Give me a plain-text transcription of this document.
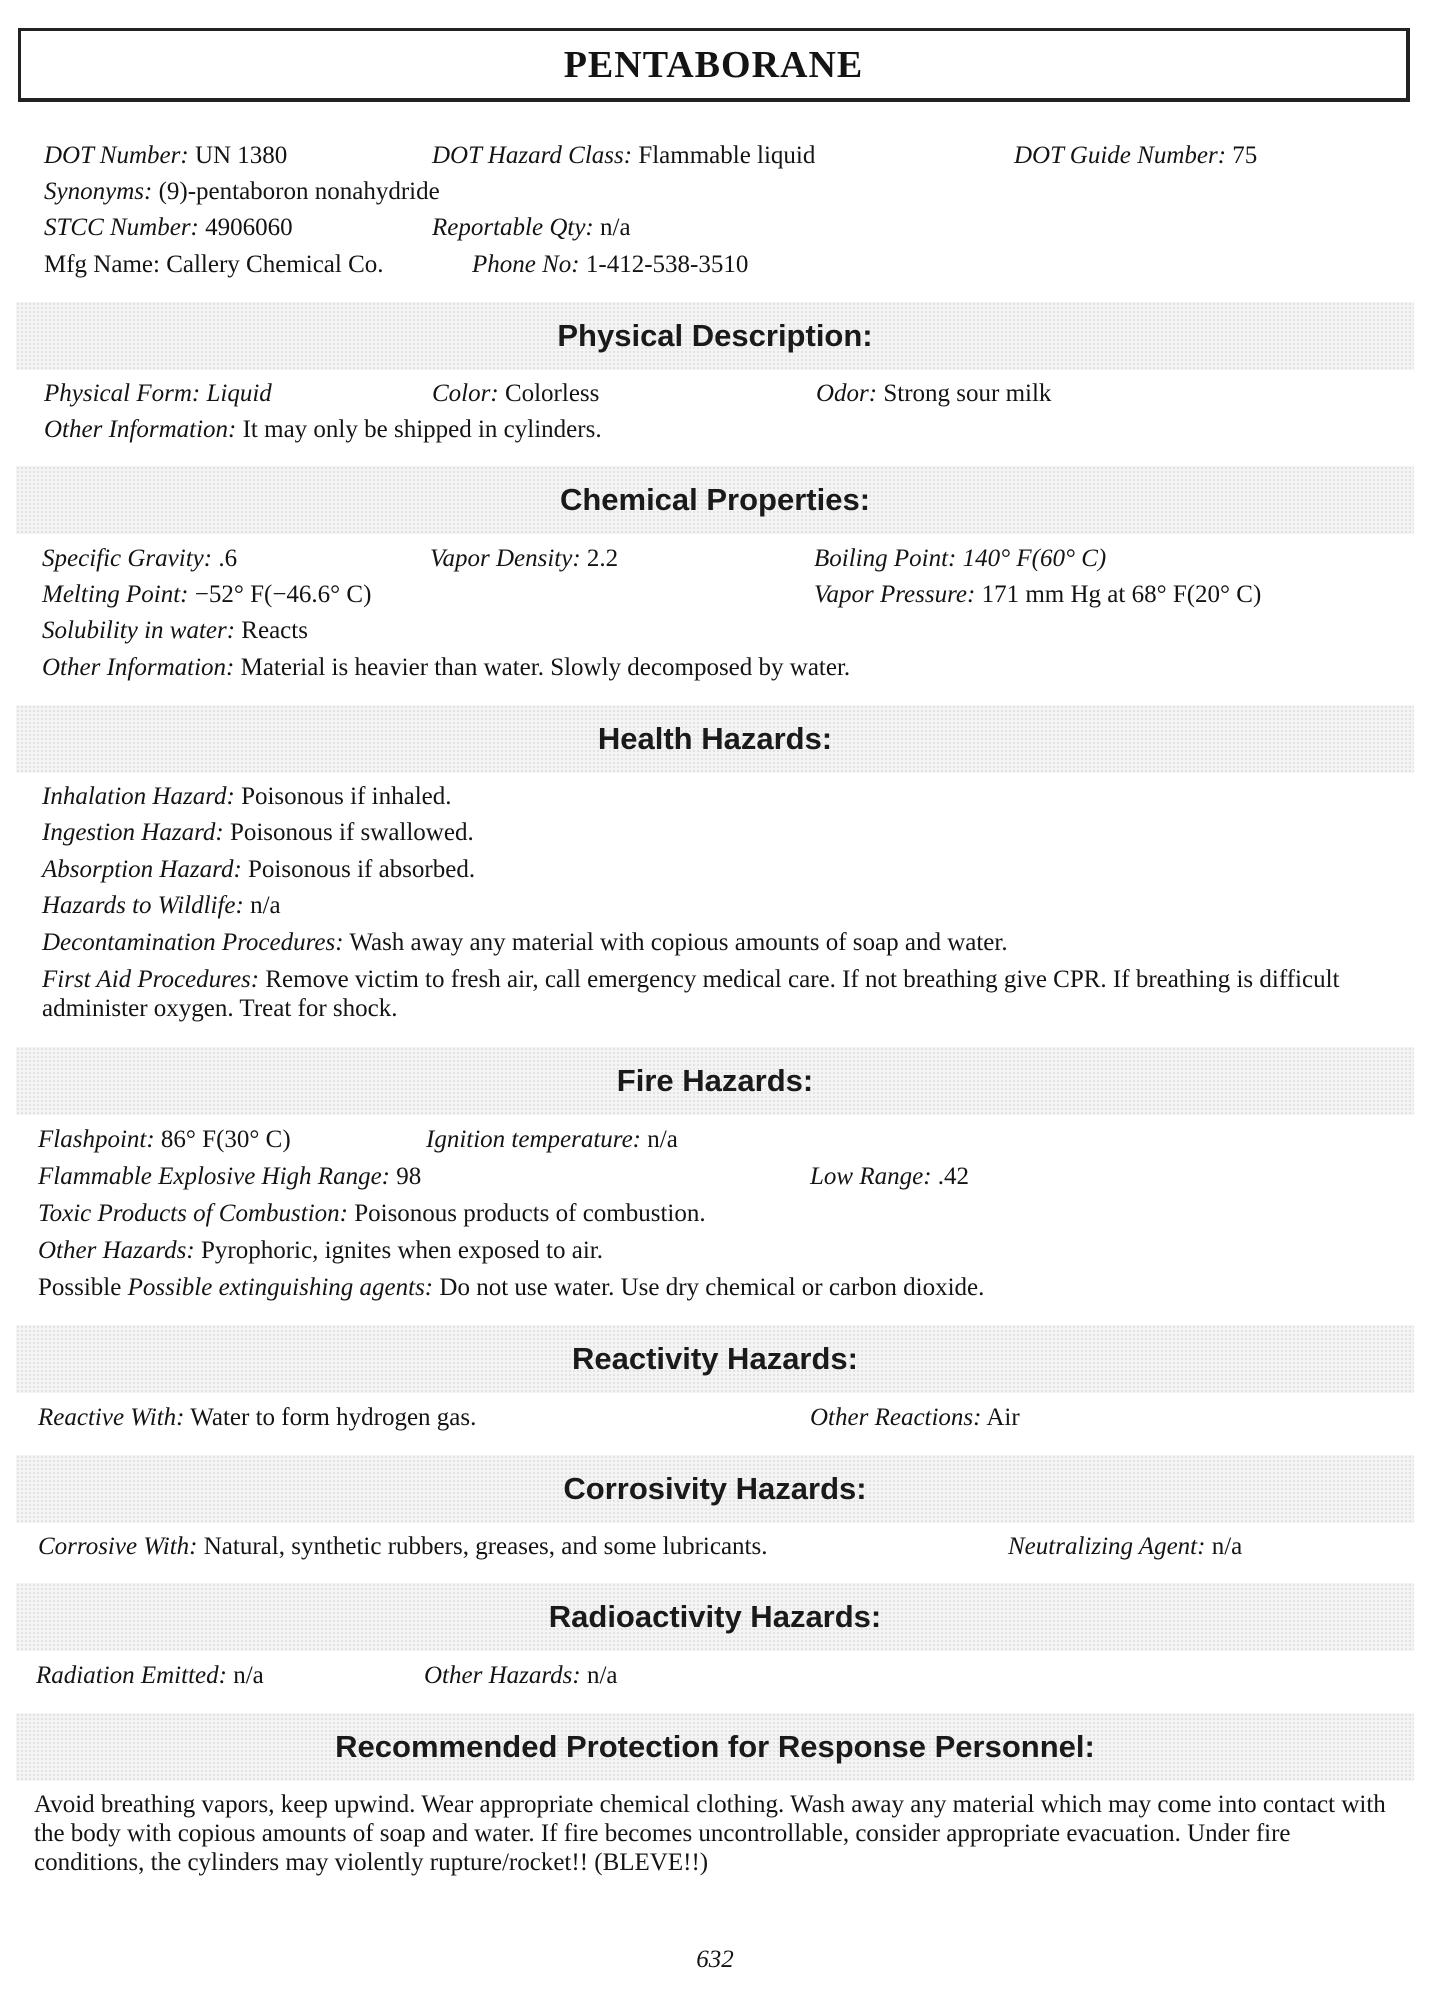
PENTABORANE
DOT Number: UN 1380	DOT Hazard Class: Flammable liquid	DOT Guide Number: 75
Synonyms: (9)-pentaboron nonahydride
STCC Number: 4906060	Reportable Qty: n/a
Mfg Name: Callery Chemical Co.	Phone No: 1-412-538-3510
Physical Description:
Physical Form: Liquid	Color: Colorless	Odor: Strong sour milk
Other Information: It may only be shipped in cylinders.
Chemical Properties:
Specific Gravity: .6	Vapor Density: 2.2	Boiling Point: 140° F(60° C)
Melting Point: −52° F(−46.6° C)	Vapor Pressure: 171 mm Hg at 68° F(20° C)
Solubility in water: Reacts
Other Information: Material is heavier than water. Slowly decomposed by water.
Health Hazards:
Inhalation Hazard: Poisonous if inhaled.
Ingestion Hazard: Poisonous if swallowed.
Absorption Hazard: Poisonous if absorbed.
Hazards to Wildlife: n/a
Decontamination Procedures: Wash away any material with copious amounts of soap and water.
First Aid Procedures: Remove victim to fresh air, call emergency medical care. If not breathing give CPR. If breathing is difficult administer oxygen. Treat for shock.
Fire Hazards:
Flashpoint: 86° F(30° C)	Ignition temperature: n/a
Flammable Explosive High Range: 98	Low Range: .42
Toxic Products of Combustion: Poisonous products of combustion.
Other Hazards: Pyrophoric, ignites when exposed to air.
Possible Possible extinguishing agents: Do not use water. Use dry chemical or carbon dioxide.
Reactivity Hazards:
Reactive With: Water to form hydrogen gas.	Other Reactions: Air
Corrosivity Hazards:
Corrosive With: Natural, synthetic rubbers, greases, and some lubricants.	Neutralizing Agent: n/a
Radioactivity Hazards:
Radiation Emitted: n/a	Other Hazards: n/a
Recommended Protection for Response Personnel:
Avoid breathing vapors, keep upwind. Wear appropriate chemical clothing. Wash away any material which may come into contact with the body with copious amounts of soap and water. If fire becomes uncontrollable, consider appropriate evacuation. Under fire conditions, the cylinders may violently rupture/rocket!! (BLEVE!!)
632
